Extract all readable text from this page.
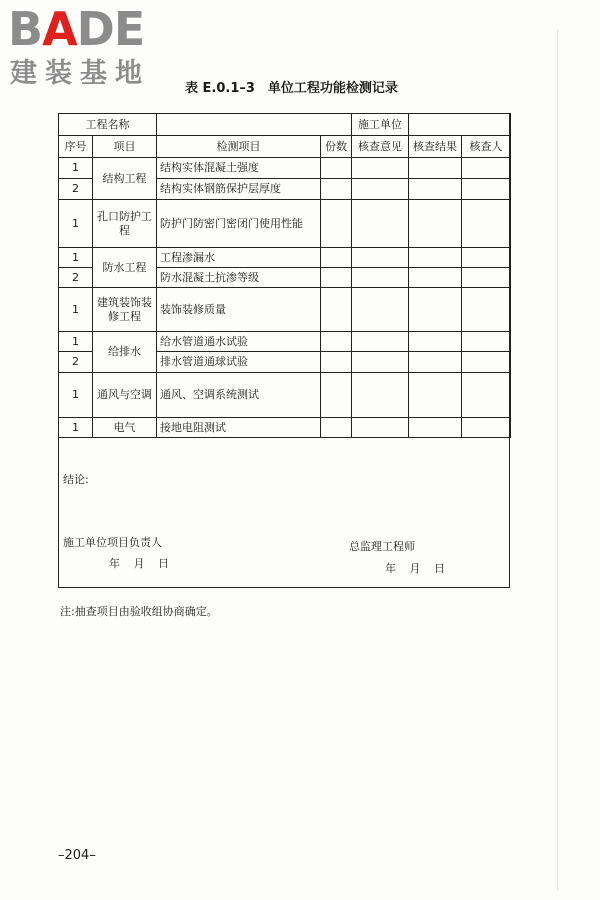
BADE
建装基地	表 E.0.1–3　单位工程功能检测记录
工程名称				施工单位		
序号	项目	检测项目	份数	核查意见	核查结果	核查人
1	结构工程	结构实体混凝土强度				
2		结构实体钢筋保护层厚度				
1	孔口防护工程	防护门防密门密闭门使用性能				
1	防水工程	工程渗漏水				
2		防水混凝土抗渗等级				
1	建筑装饰装修工程	装饰装修质量				
1	给排水	给水管道通水试验				
2		排水管道通球试验				
1	通风与空调	通风、空调系统测试				
1	电气	接地电阻测试				
结论:
施工单位项目负责人
年 月 日
总监理工程师
年 月 日
注:抽查项目由验收组协商确定。
–204–
